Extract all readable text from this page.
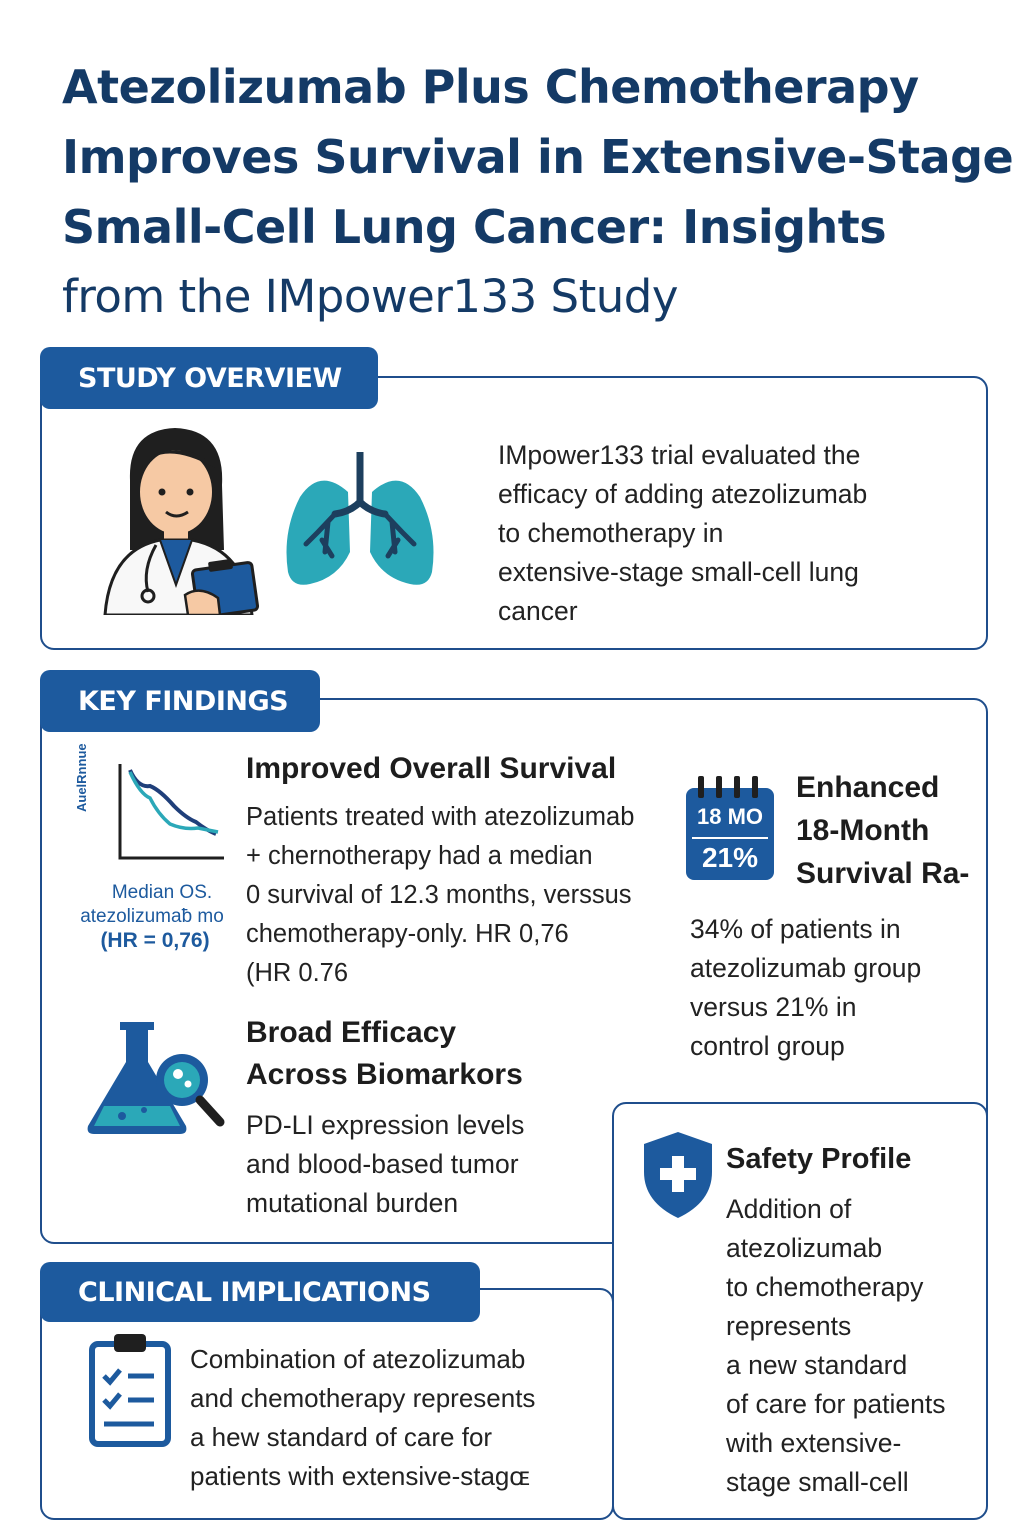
Atezolizumab Plus Chemotherapy
Improves Survival in Extensive-Stage
Small-Cell Lung Cancer: Insights
from the IMpower133 Study
STUDY OVERVIEW
IMpower133 trial evaluated the
efficacy of adding atezolizumab
to chemotherapy in
extensive-stage small-cell lung
cancer
KEY FINDINGS
AuelRnnue
Median OS.
atezolizumaƀ mo
(HR = 0,76)
Improved Overall Survival
Patients treated with atezolizumab
+ chernotherapy had a median
0 survival of 12.3 months, verssus
chemotherapy-only. HR 0,76
(HR 0.76
18 MO
21%
Enhanced
18-Month
Survival Ra-
34% of patients in
atezolizumab group
versus 21% in
control group
Broad Efficacy
Across Biomarkors
PD-LI expression levels
and blood-based tumor
mutational burden
Safety Profile
Addition of
atezolizumab
to chemotherapy
represents
a new standard
of care for patients
with extensive-
stage small-cell
CLINICAL IMPLICATIONS
Combination of atezolizumab
and chemotherapy represents
a hew standard of care for
patients with extensive-stagɶ
